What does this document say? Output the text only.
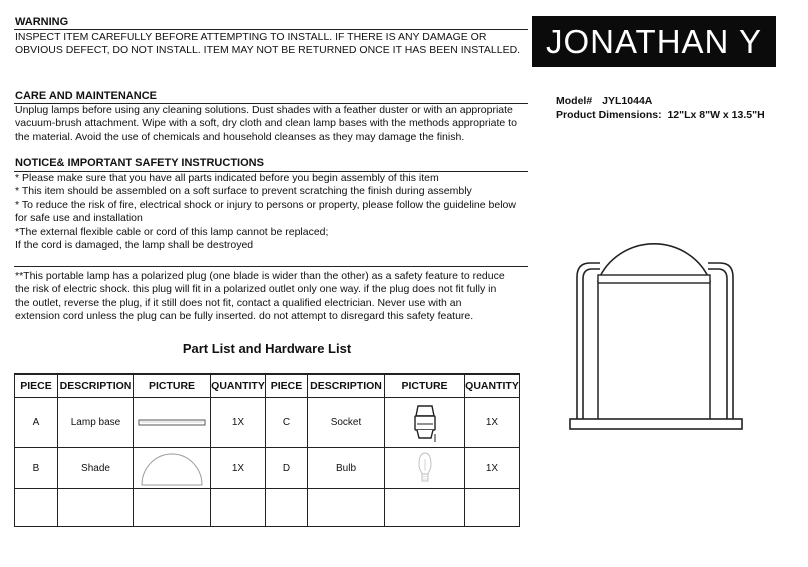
WARNING
INSPECT ITEM CAREFULLY BEFORE ATTEMPTING TO INSTALL. IF THERE IS ANY DAMAGE OR
OBVIOUS DEFECT, DO NOT INSTALL. ITEM MAY NOT BE RETURNED ONCE IT HAS BEEN INSTALLED. JONATHAN Y
Model# JYL1044A
Product Dimensions: 12"Lx 8"W x 13.5"H
CARE AND MAINTENANCE
Unplug lamps before using any cleaning solutions. Dust shades with a feather duster or with an appropriate
vacuum-brush attachment. Wipe with a soft, dry cloth and clean lamp bases with the methods appropriate to
the material. Avoid the use of chemicals and household cleanses as they may damage the finish.
NOTICE& IMPORTANT SAFETY INSTRUCTIONS
* Please make sure that you have all parts indicated before you begin assembly of this item
* This item should be assembled on a soft surface to prevent scratching the finish during assembly
* To reduce the risk of fire, electrical shock or injury to persons or property, please follow the guideline below
for safe use and installation
*The external flexible cable or cord of this lamp cannot be replaced;
If the cord is damaged, the lamp shall be destroyed
**This portable lamp has a polarized plug (one blade is wider than the other) as a safety feature to reduce
the risk of electric shock. this plug will fit in a polarized outlet only one way. if the plug does not fit fully in
the outlet, reverse the plug, if it still does not fit, contact a qualified electrician. Never use with an
extension cord unless the plug can be fully inserted. do not attempt to disregard this safety feature.
Part List and Hardware List
PIECE	DESCRIPTION	PICTURE	QUANTITY	PIECE	DESCRIPTION	PICTURE	QUANTITY
A	Lamp base		1X	C	Socket		1X
B	Shade		1X	D	Bulb		1X
